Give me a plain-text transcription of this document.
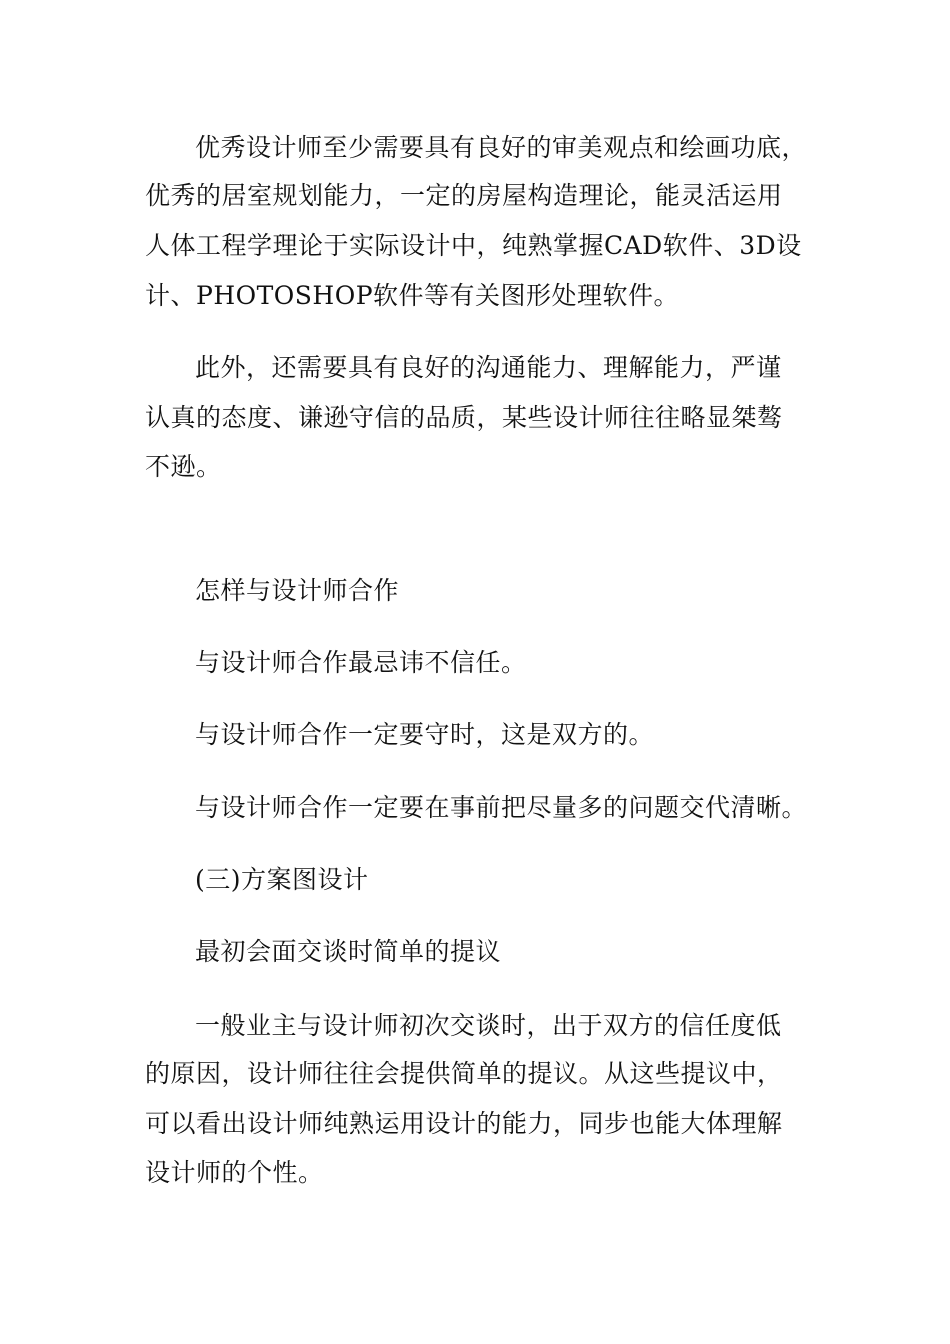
优秀设计师至少需要具有良好的审美观点和绘画功底，
优秀的居室规划能力，一定的房屋构造理论，能灵活运用
人体工程学理论于实际设计中，纯熟掌握CAD软件、3D设
计、PHOTOSHOP软件等有关图形处理软件。
此外，还需要具有良好的沟通能力、理解能力，严谨
认真的态度、谦逊守信的品质，某些设计师往往略显桀骜
不逊。
怎样与设计师合作
与设计师合作最忌讳不信任。
与设计师合作一定要守时，这是双方的。
与设计师合作一定要在事前把尽量多的问题交代清晰。
(三)方案图设计
最初会面交谈时简单的提议
一般业主与设计师初次交谈时，出于双方的信任度低
的原因，设计师往往会提供简单的提议。从这些提议中，
可以看出设计师纯熟运用设计的能力，同步也能大体理解
设计师的个性。
